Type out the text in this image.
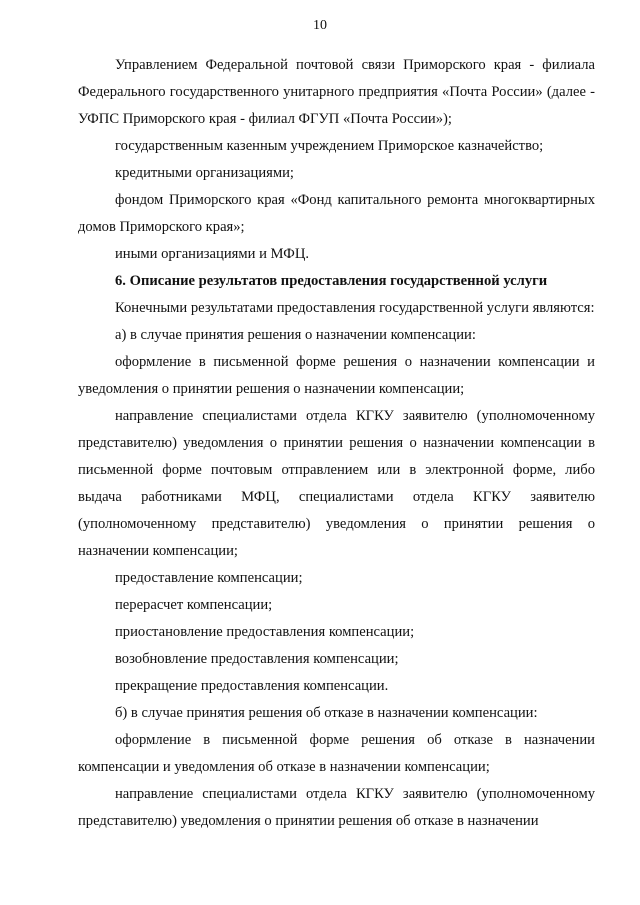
10

Управлением Федеральной почтовой связи Приморского края - филиала Федерального государственного унитарного предприятия «Почта России» (далее - УФПС Приморского края - филиал ФГУП «Почта России»);

государственным казенным учреждением Приморское казначейство;

кредитными организациями;

фондом Приморского края «Фонд капитального ремонта многоквартирных домов Приморского края»;

иными организациями и МФЦ.

6. Описание результатов предоставления государственной услуги

Конечными результатами предоставления государственной услуги являются:

а) в случае принятия решения о назначении компенсации:

оформление в письменной форме решения о назначении компенсации и уведомления о принятии решения о назначении компенсации;

направление специалистами отдела КГКУ заявителю (уполномоченному представителю) уведомления о принятии решения о назначении компенсации в письменной форме почтовым отправлением или в электронной форме, либо выдача работниками МФЦ, специалистами отдела КГКУ заявителю (уполномоченному представителю) уведомления о принятии решения о назначении компенсации;

предоставление компенсации;

перерасчет компенсации;

приостановление предоставления компенсации;

возобновление предоставления компенсации;

прекращение предоставления компенсации.

б) в случае принятия решения об отказе в назначении компенсации:

оформление в письменной форме решения об отказе в назначении компенсации и уведомления об отказе в назначении компенсации;

направление специалистами отдела КГКУ заявителю (уполномоченному представителю) уведомления о принятии решения об отказе в назначении
